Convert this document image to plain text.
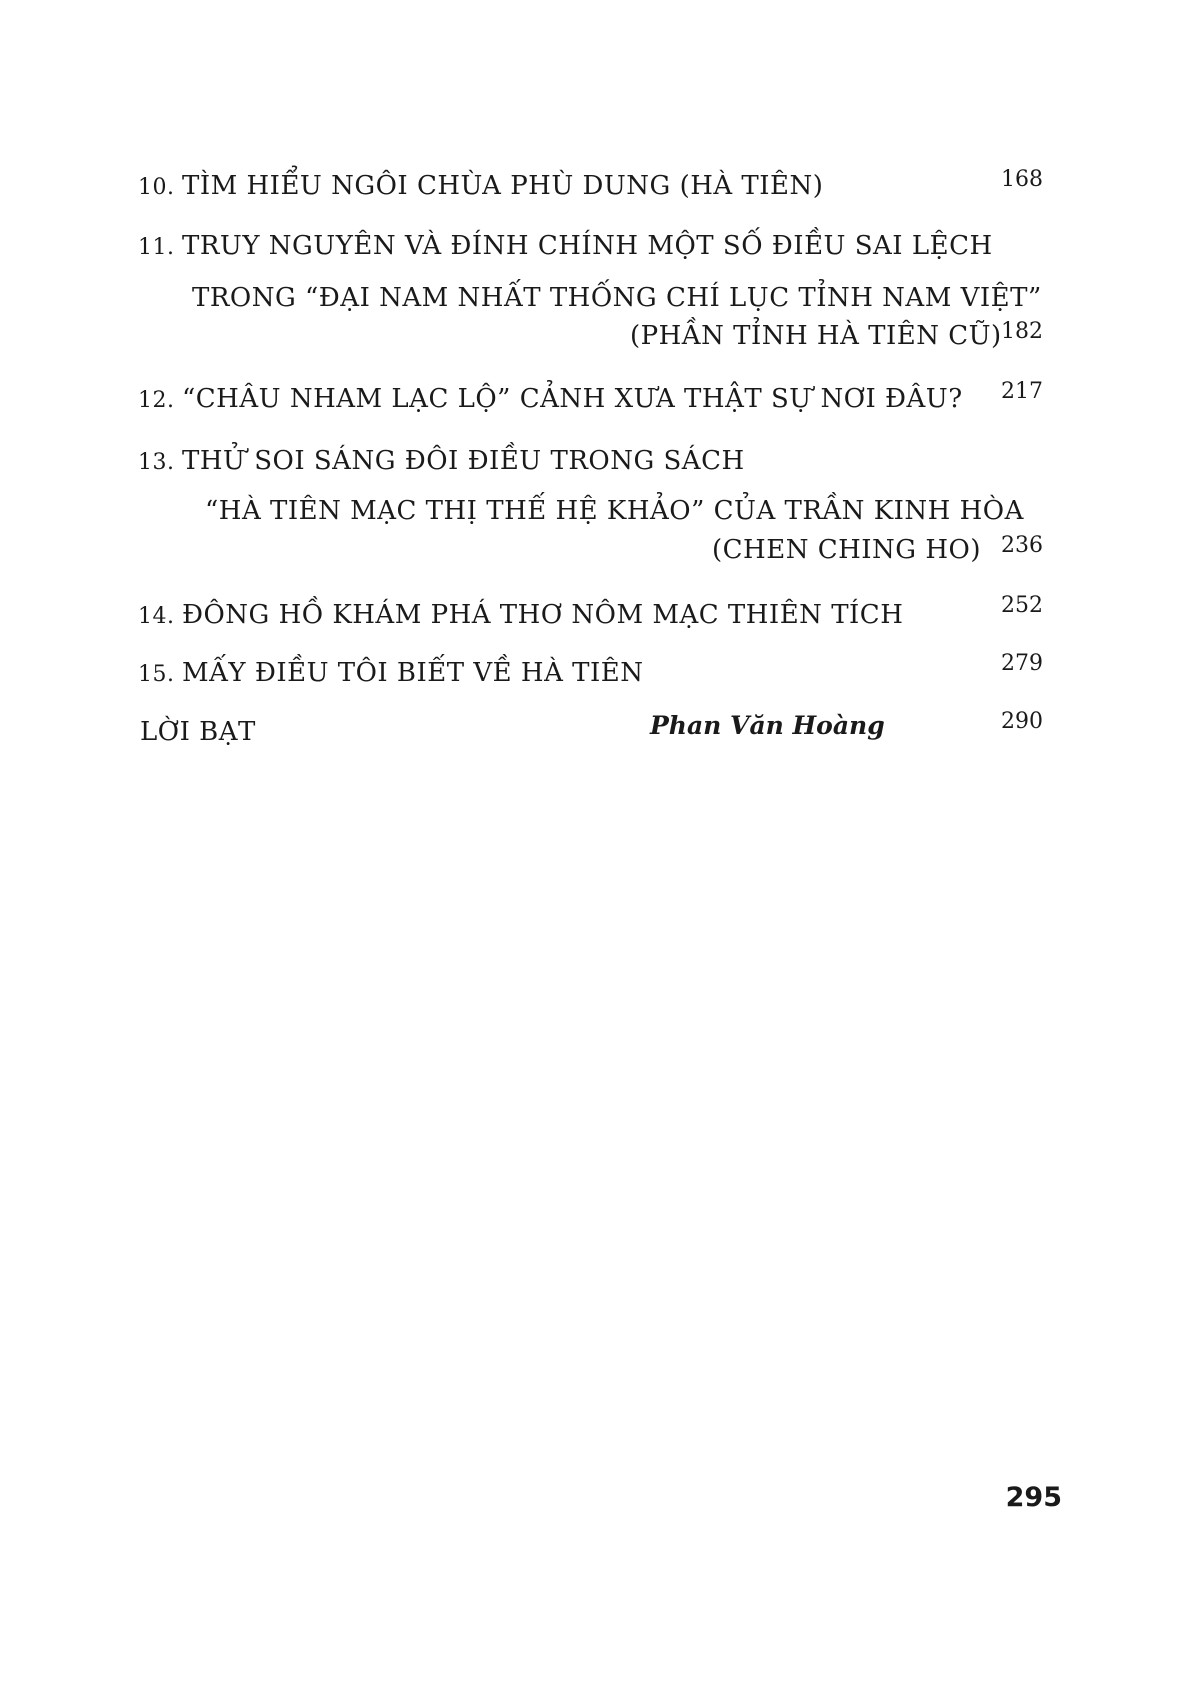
10. TÌM HIỂU NGÔI CHÙA PHÙ DUNG (HÀ TIÊN)	168
11. TRUY NGUYÊN VÀ ĐÍNH CHÍNH MỘT SỐ ĐIỀU SAI LỆCH
TRONG “ĐẠI NAM NHẤT THỐNG CHÍ LỤC TỈNH NAM VIỆT”
(PHẦN TỈNH HÀ TIÊN CŨ) 182
12. “CHÂU NHAM LẠC LỘ” CẢNH XƯA THẬT SỰ NƠI ĐÂU? 217
13. THỬ SOI SÁNG ĐÔI ĐIỀU TRONG SÁCH
“HÀ TIÊN MẠC THỊ THẾ HỆ KHẢO” CỦA TRẦN KINH HÒA
(CHEN CHING HO) 236
14. ĐÔNG HỒ KHÁM PHÁ THƠ NÔM MẠC THIÊN TÍCH	252
15. MẤY ĐIỀU TÔI BIẾT VỀ HÀ TIÊN	279
LỜI BẠT	Phan Văn Hoàng	290
295
